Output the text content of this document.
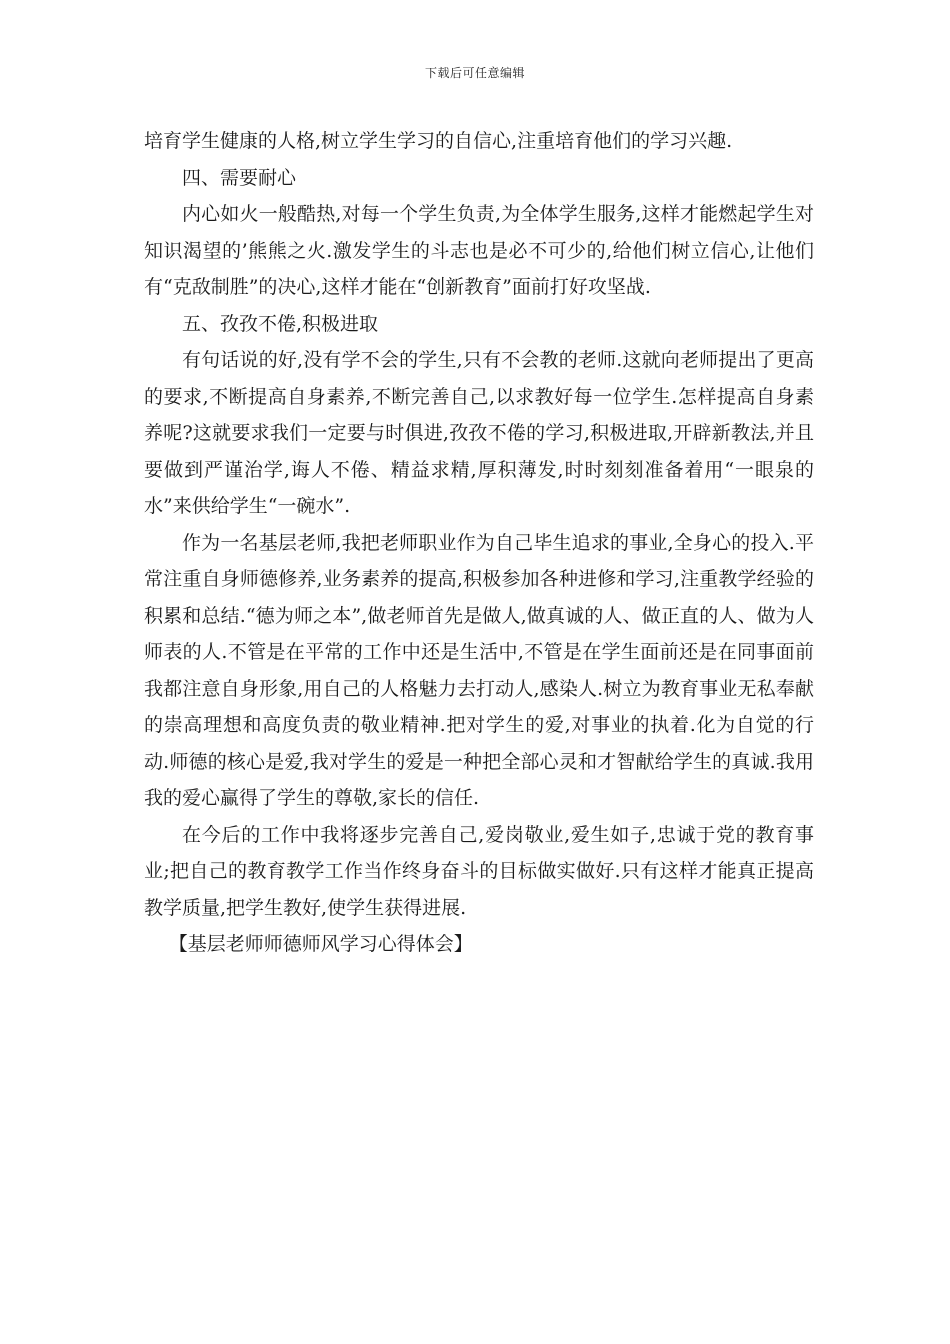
下载后可任意编辑

培育学生健康的人格,树立学生学习的自信心,注重培育他们的学习兴趣.

四、需要耐心

内心如火一般酷热,对每一个学生负责,为全体学生服务,这样才能燃起学生对知识渴望的’熊熊之火.激发学生的斗志也是必不可少的,给他们树立信心,让他们有“克敌制胜”的决心,这样才能在“创新教育”面前打好攻坚战.

五、孜孜不倦,积极进取

有句话说的好,没有学不会的学生,只有不会教的老师.这就向老师提出了更高的要求,不断提高自身素养,不断完善自己,以求教好每一位学生.怎样提高自身素养呢?这就要求我们一定要与时俱进,孜孜不倦的学习,积极进取,开辟新教法,并且要做到严谨治学,诲人不倦、精益求精,厚积薄发,时时刻刻准备着用“一眼泉的水”来供给学生“一碗水”.

作为一名基层老师,我把老师职业作为自己毕生追求的事业,全身心的投入.平常注重自身师德修养,业务素养的提高,积极参加各种进修和学习,注重教学经验的积累和总结.“德为师之本”,做老师首先是做人,做真诚的人、做正直的人、做为人师表的人.不管是在平常的工作中还是生活中,不管是在学生面前还是在同事面前我都注意自身形象,用自己的人格魅力去打动人,感染人.树立为教育事业无私奉献的崇高理想和高度负责的敬业精神.把对学生的爱,对事业的执着.化为自觉的行动.师德的核心是爱,我对学生的爱是一种把全部心灵和才智献给学生的真诚.我用我的爱心赢得了学生的尊敬,家长的信任.

在今后的工作中我将逐步完善自己,爱岗敬业,爱生如子,忠诚于党的教育事业;把自己的教育教学工作当作终身奋斗的目标做实做好.只有这样才能真正提高教学质量,把学生教好,使学生获得进展.

【基层老师师德师风学习心得体会】
